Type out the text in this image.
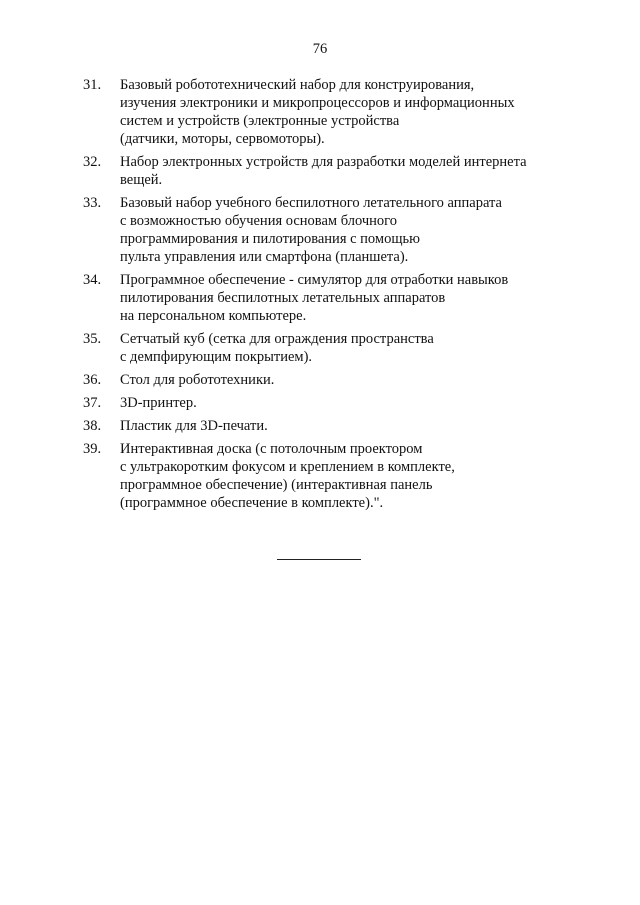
76
31. Базовый робототехнический набор для конструирования,
изучения электроники и микропроцессоров и информационных
систем и устройств (электронные устройства
(датчики, моторы, сервомоторы).
32. Набор электронных устройств для разработки моделей интернета
вещей.
33. Базовый набор учебного беспилотного летательного аппарата
с возможностью обучения основам блочного
программирования и пилотирования с помощью
пульта управления или смартфона (планшета).
34. Программное обеспечение - симулятор для отработки навыков
пилотирования беспилотных летательных аппаратов
на персональном компьютере.
35. Сетчатый куб (сетка для ограждения пространства
с демпфирующим покрытием).
36. Стол для робототехники.
37. 3D-принтер.
38. Пластик для 3D-печати.
39. Интерактивная доска (с потолочным проектором
с ультракоротким фокусом и креплением в комплекте,
программное обеспечение) (интерактивная панель
(программное обеспечение в комплекте).".
